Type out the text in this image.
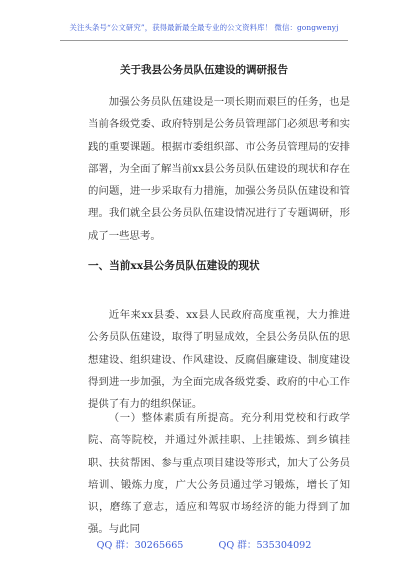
关注头条号“公文研究”，获得最新最全最专业的公文资料库！ 微信：gongwenyj
关于我县公务员队伍建设的调研报告

加强公务员队伍建设是一项长期而艰巨的任务，也是当前各级党委、政府特别是公务员管理部门必须思考和实践的重要课题。根据市委组织部、市公务员管理局的安排部署，为全面了解当前xx县公务员队伍建设的现状和存在的问题，进一步采取有力措施，加强公务员队伍建设和管理。我们就全县公务员队伍建设情况进行了专题调研，形成了一些思考。

一、当前xx县公务员队伍建设的现状

近年来xx县委、xx县人民政府高度重视，大力推进公务员队伍建设，取得了明显成效，全县公务员队伍的思想建设、组织建设、作风建设、反腐倡廉建设、制度建设得到进一步加强，为全面完成各级党委、政府的中心工作提供了有力的组织保证。

（一）整体素质有所提高。充分利用党校和行政学院、高等院校，并通过外派挂职、上挂锻炼、到乡镇挂职、扶贫帮困、参与重点项目建设等形式，加大了公务员培训、锻炼力度，广大公务员通过学习锻炼，增长了知识，磨练了意志，适应和驾驭市场经济的能力得到了加强。与此同

QQ 群：30265665	QQ 群：535304092
